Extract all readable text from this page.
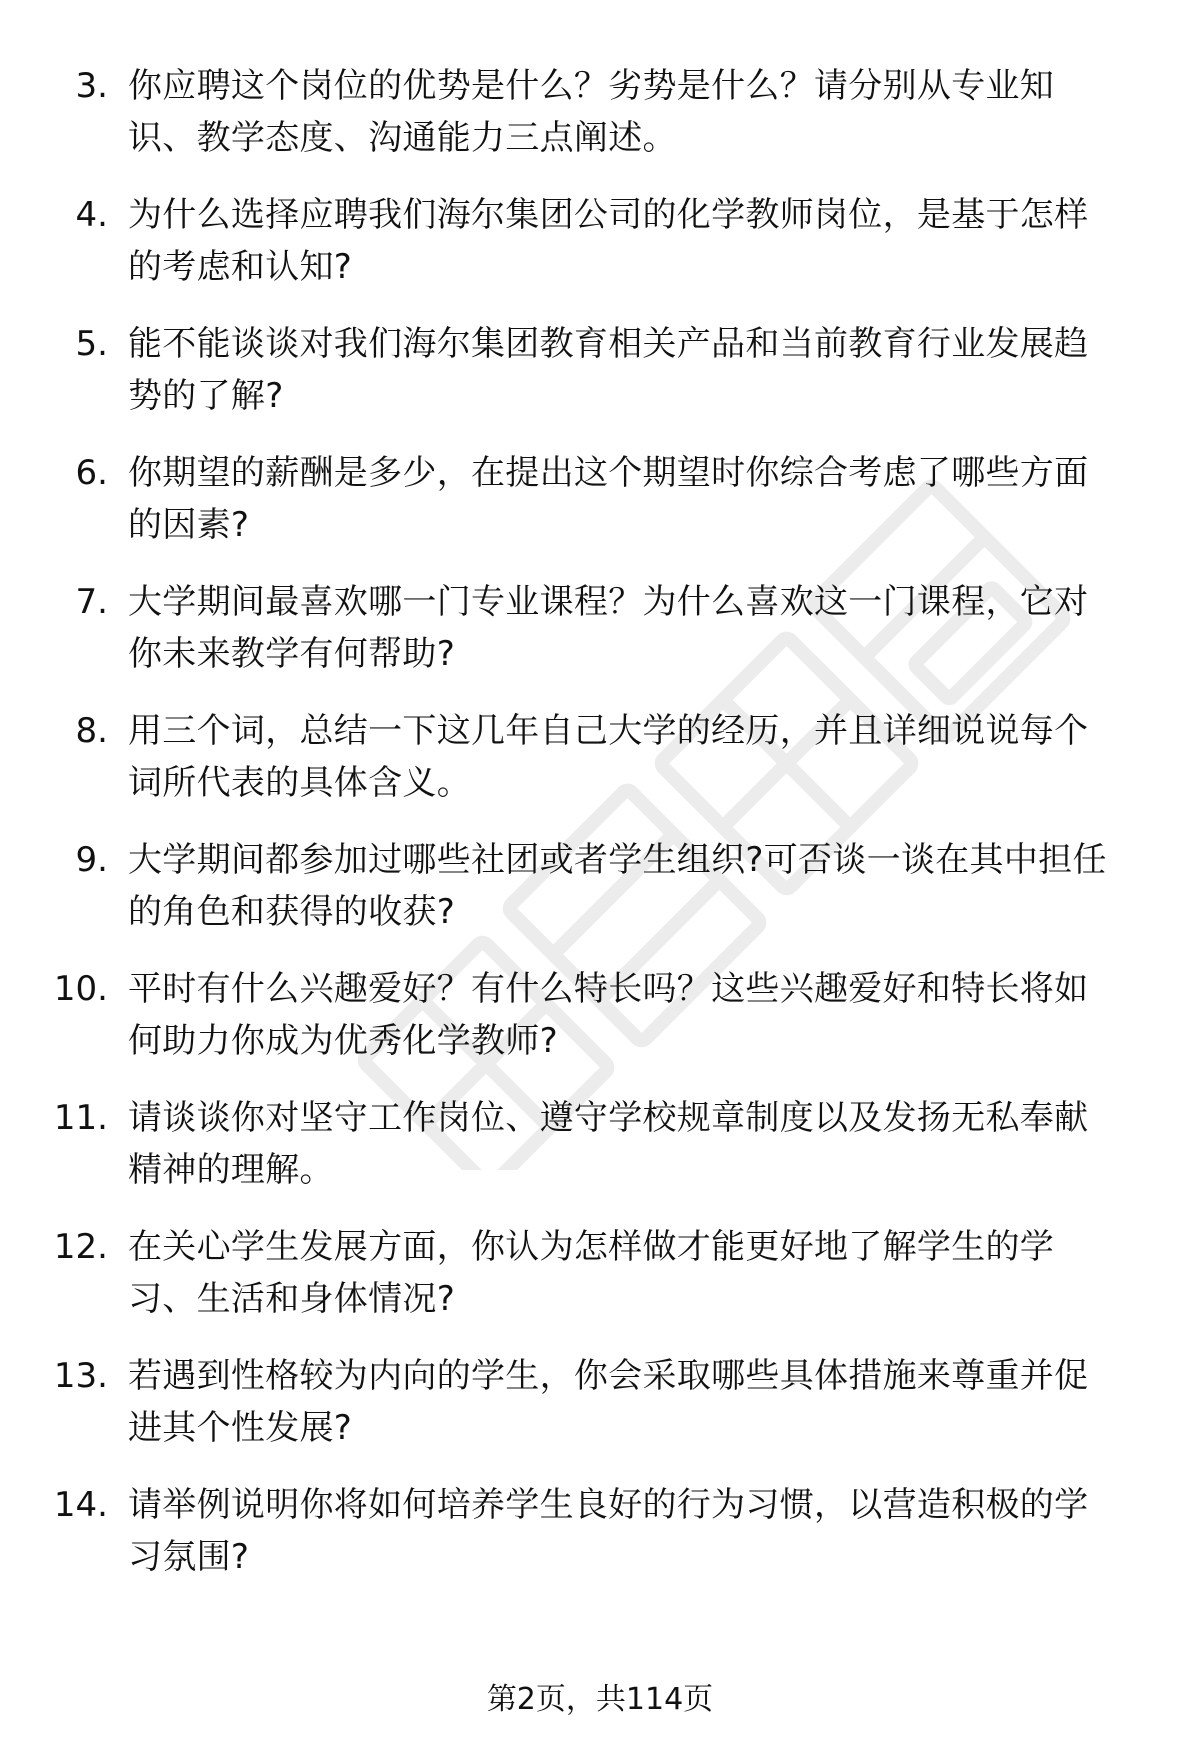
3. 你应聘这个岗位的优势是什么？劣势是什么？请分别从专业知
识、教学态度、沟通能力三点阐述。
4. 为什么选择应聘我们海尔集团公司的化学教师岗位，是基于怎样
的考虑和认知?
5. 能不能谈谈对我们海尔集团教育相关产品和当前教育行业发展趋
势的了解?
6. 你期望的薪酬是多少，在提出这个期望时你综合考虑了哪些方面
的因素?
7. 大学期间最喜欢哪一门专业课程？为什么喜欢这一门课程，它对
你未来教学有何帮助?
8. 用三个词，总结一下这几年自己大学的经历，并且详细说说每个
词所代表的具体含义。
9. 大学期间都参加过哪些社团或者学生组织?可否谈一谈在其中担任
的角色和获得的收获?
10. 平时有什么兴趣爱好？有什么特长吗？这些兴趣爱好和特长将如
何助力你成为优秀化学教师?
11. 请谈谈你对坚守工作岗位、遵守学校规章制度以及发扬无私奉献
精神的理解。
12. 在关心学生发展方面，你认为怎样做才能更好地了解学生的学
习、生活和身体情况?
13. 若遇到性格较为内向的学生，你会采取哪些具体措施来尊重并促
进其个性发展?
14. 请举例说明你将如何培养学生良好的行为习惯，以营造积极的学
习氛围?
第2页，共114页
